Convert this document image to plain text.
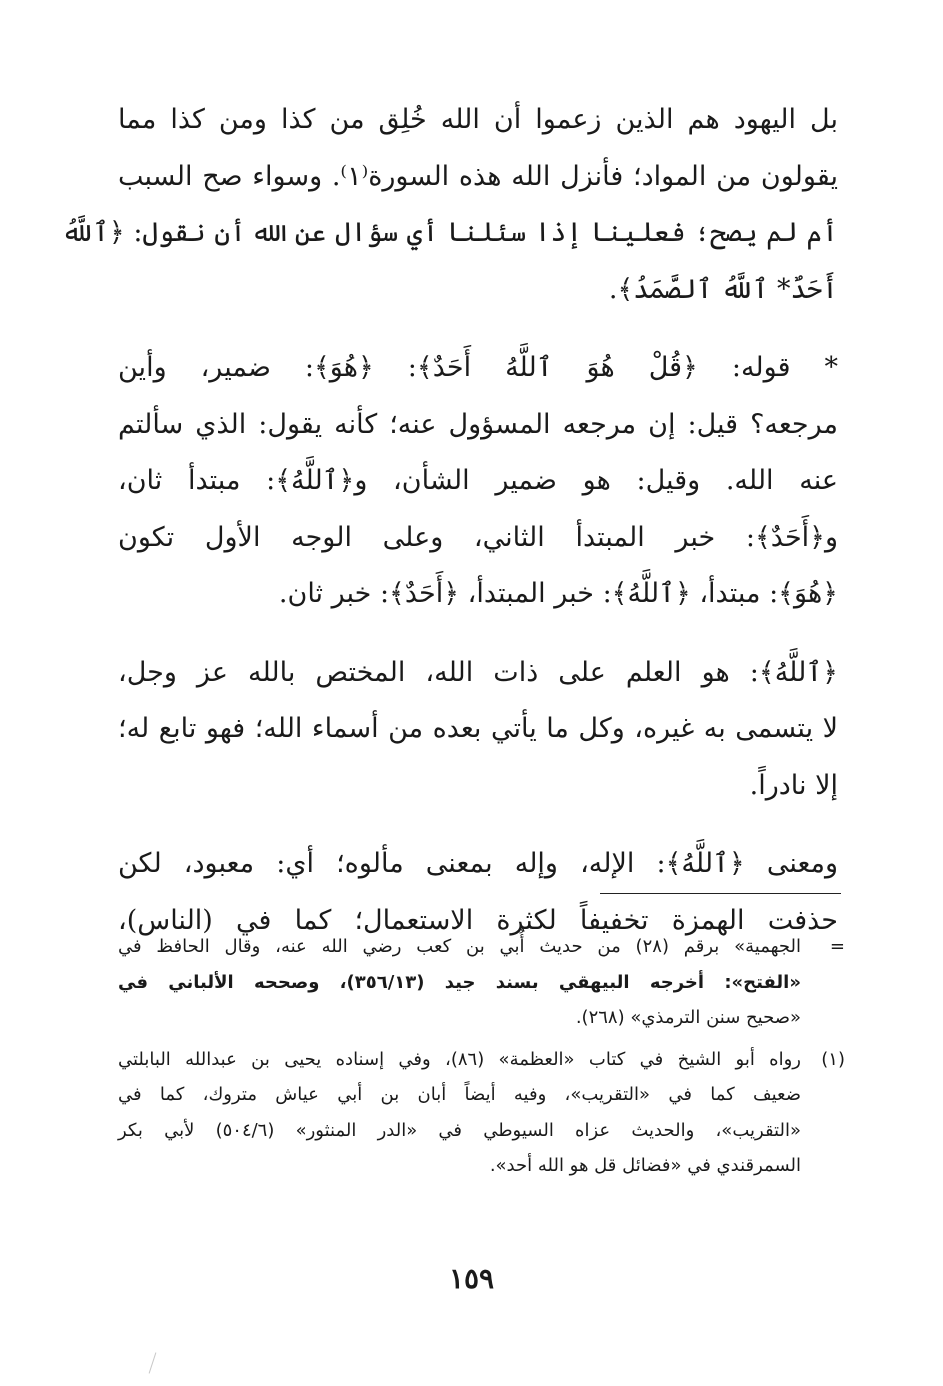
بل اليهود هم الذين زعموا أن الله خُلِق من كذا ومن كذا مما
يقولون من المواد؛ فأنزل الله هذه السورة⁽١⁾. وسواء صح السبب
أم لم يصح؛ فعلينا إذا سئلنا أي سؤال عن الله أن نقول: ﴿ٱللَّهُ
أَحَدٌ* ٱللَّهُ ٱلصَّمَدُ﴾.

* قوله: ﴿قُلْ هُوَ ٱللَّهُ أَحَدٌ﴾: ﴿هُوَ﴾: ضمير، وأين
مرجعه؟ قيل: إن مرجعه المسؤول عنه؛ كأنه يقول: الذي سألتم
عنه الله. وقيل: هو ضمير الشأن، و﴿ٱللَّهُ﴾: مبتدأ ثان،
و﴿أَحَدٌ﴾: خبر المبتدأ الثاني، وعلى الوجه الأول تكون
﴿هُوَ﴾: مبتدأ، ﴿ٱللَّهُ﴾: خبر المبتدأ، ﴿أَحَدٌ﴾: خبر ثان.

﴿ٱللَّهُ﴾: هو العلم على ذات الله، المختص بالله عز وجل،
لا يتسمى به غيره، وكل ما يأتي بعده من أسماء الله؛ فهو تابع له؛
إلا نادراً.

ومعنى ﴿ٱللَّهُ﴾: الإله، وإله بمعنى مألوه؛ أي: معبود، لكن
حذفت الهمزة تخفيفاً لكثرة الاستعمال؛ كما في (الناس)،

=
الجهمية» برقم (٢٨) من حديث أُبي بن كعب رضي الله عنه، وقال الحافظ في
«الفتح»: أخرجه البيهقي بسند جيد (٣٥٦/١٣)، وصححه الألباني في
«صحيح سنن الترمذي» (٢٦٨).
(١)
رواه أبو الشيخ في كتاب «العظمة» (٨٦)، وفي إسناده يحيى بن عبدالله البابلتي
ضعيف كما في «التقريب»، وفيه أيضاً أبان بن أبي عياش متروك، كما في
«التقريب»، والحديث عزاه السيوطي في «الدر المنثور» (٥٠٤/٦) لأبي بكر
السمرقندي في «فضائل قل هو الله أحد».
١٥٩
